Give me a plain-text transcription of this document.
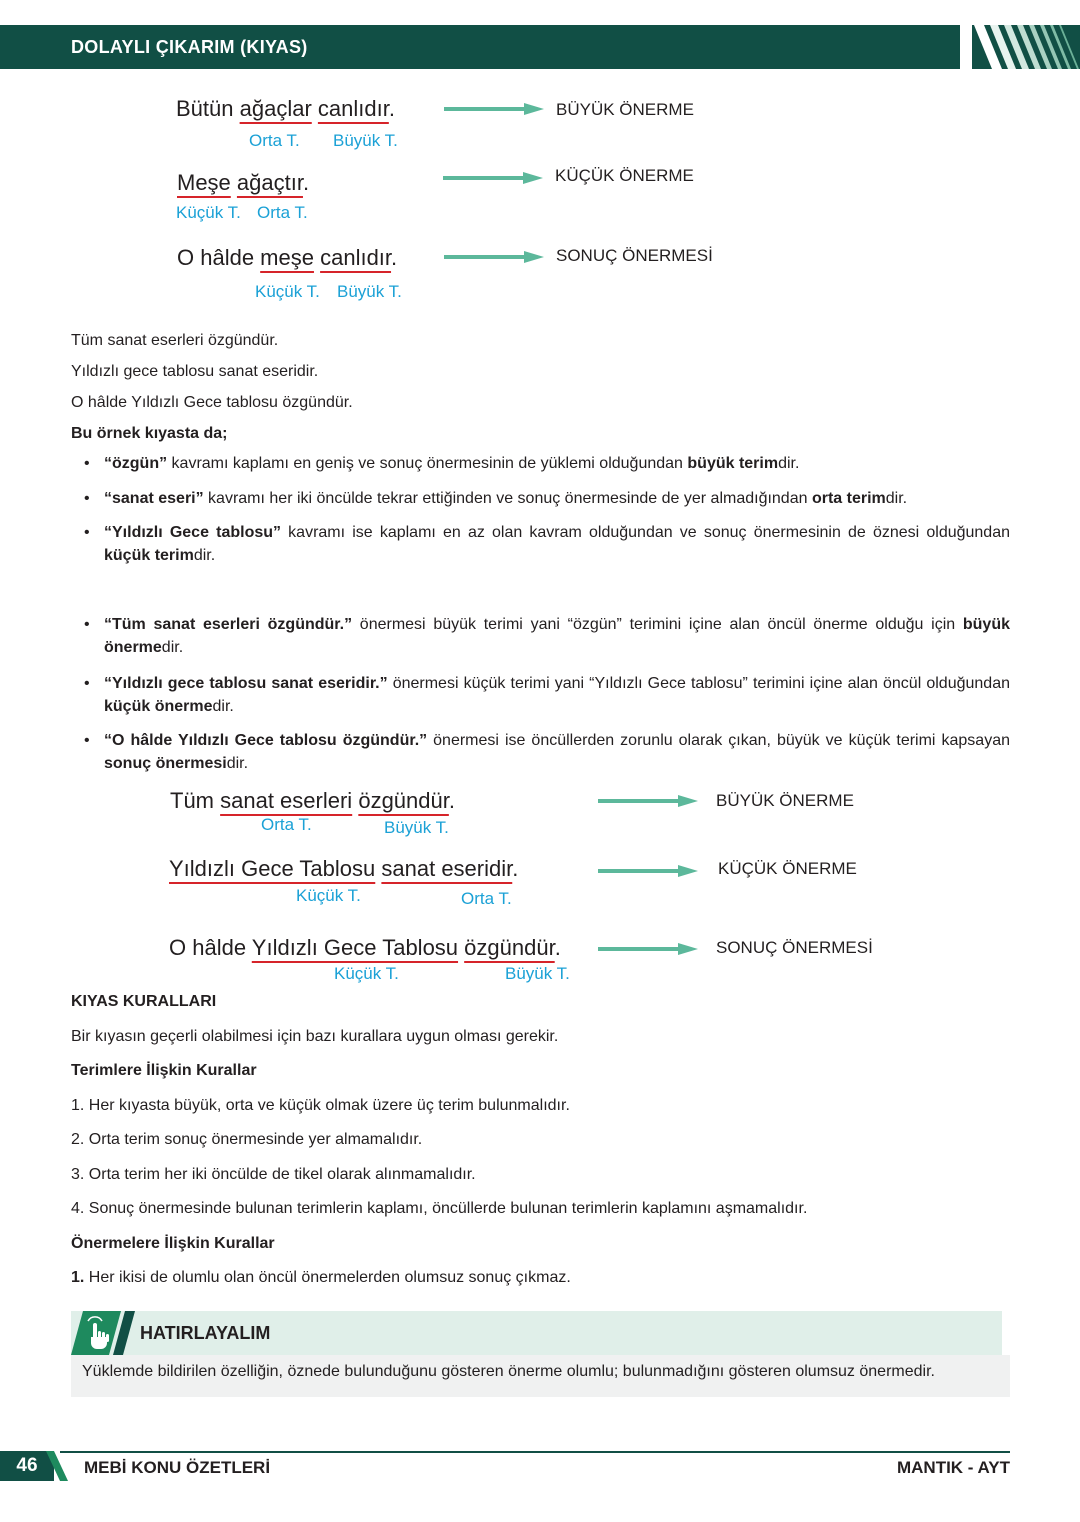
DOLAYLI ÇIKARIM (KIYAS)
Bütün ağaçlar canlıdır.
Orta T. Büyük T.
BÜYÜK ÖNERME
Meşe ağaçtır.
Küçük T. Orta T.
KÜÇÜK ÖNERME
O hâlde meşe canlıdır.
Küçük T. Büyük T.
SONUÇ ÖNERMESİ
Tüm sanat eserleri özgündür.
Yıldızlı gece tablosu sanat eseridir.
O hâlde Yıldızlı Gece tablosu özgündür.
Bu örnek kıyasta da;
• “özgün” kavramı kaplamı en geniş ve sonuç önermesinin de yüklemi olduğundan büyük terimdir.
• “sanat eseri” kavramı her iki öncülde tekrar ettiğinden ve sonuç önermesinde de yer almadığından orta terimdir.
• “Yıldızlı Gece tablosu” kavramı ise kaplamı en az olan kavram olduğundan ve sonuç önermesinin de öznesi olduğundan küçük terimdir.
• “Tüm sanat eserleri özgündür.” önermesi büyük terimi yani “özgün” terimini içine alan öncül önerme olduğu için büyük önermedir.
• “Yıldızlı gece tablosu sanat eseridir.” önermesi küçük terimi yani “Yıldızlı Gece tablosu” terimini içine alan öncül olduğundan küçük önermedir.
• “O hâlde Yıldızlı Gece tablosu özgündür.” önermesi ise öncüllerden zorunlu olarak çıkan, büyük ve küçük terimi kapsayan sonuç önermesidir.
Tüm sanat eserleri özgündür.
Orta T.	Büyük T.
BÜYÜK ÖNERME
Yıldızlı Gece Tablosu sanat eseridir.
Küçük T.	Orta T.
KÜÇÜK ÖNERME
O hâlde Yıldızlı Gece Tablosu özgündür.
Küçük T.	Büyük T.
SONUÇ ÖNERMESİ
KIYAS KURALLARI
Bir kıyasın geçerli olabilmesi için bazı kurallara uygun olması gerekir.
Terimlere İlişkin Kurallar
1. Her kıyasta büyük, orta ve küçük olmak üzere üç terim bulunmalıdır.
2. Orta terim sonuç önermesinde yer almamalıdır.
3. Orta terim her iki öncülde de tikel olarak alınmamalıdır.
4. Sonuç önermesinde bulunan terimlerin kaplamı, öncüllerde bulunan terimlerin kaplamını aşmamalıdır.
Önermelere İlişkin Kurallar
1. Her ikisi de olumlu olan öncül önermelerden olumsuz sonuç çıkmaz.
HATIRLAYALIM
Yüklemde bildirilen özelliğin, öznede bulunduğunu gösteren önerme olumlu; bulunmadığını gösteren olumsuz önermedir.
46	MEBİ KONU ÖZETLERİ	MANTIK - AYT
